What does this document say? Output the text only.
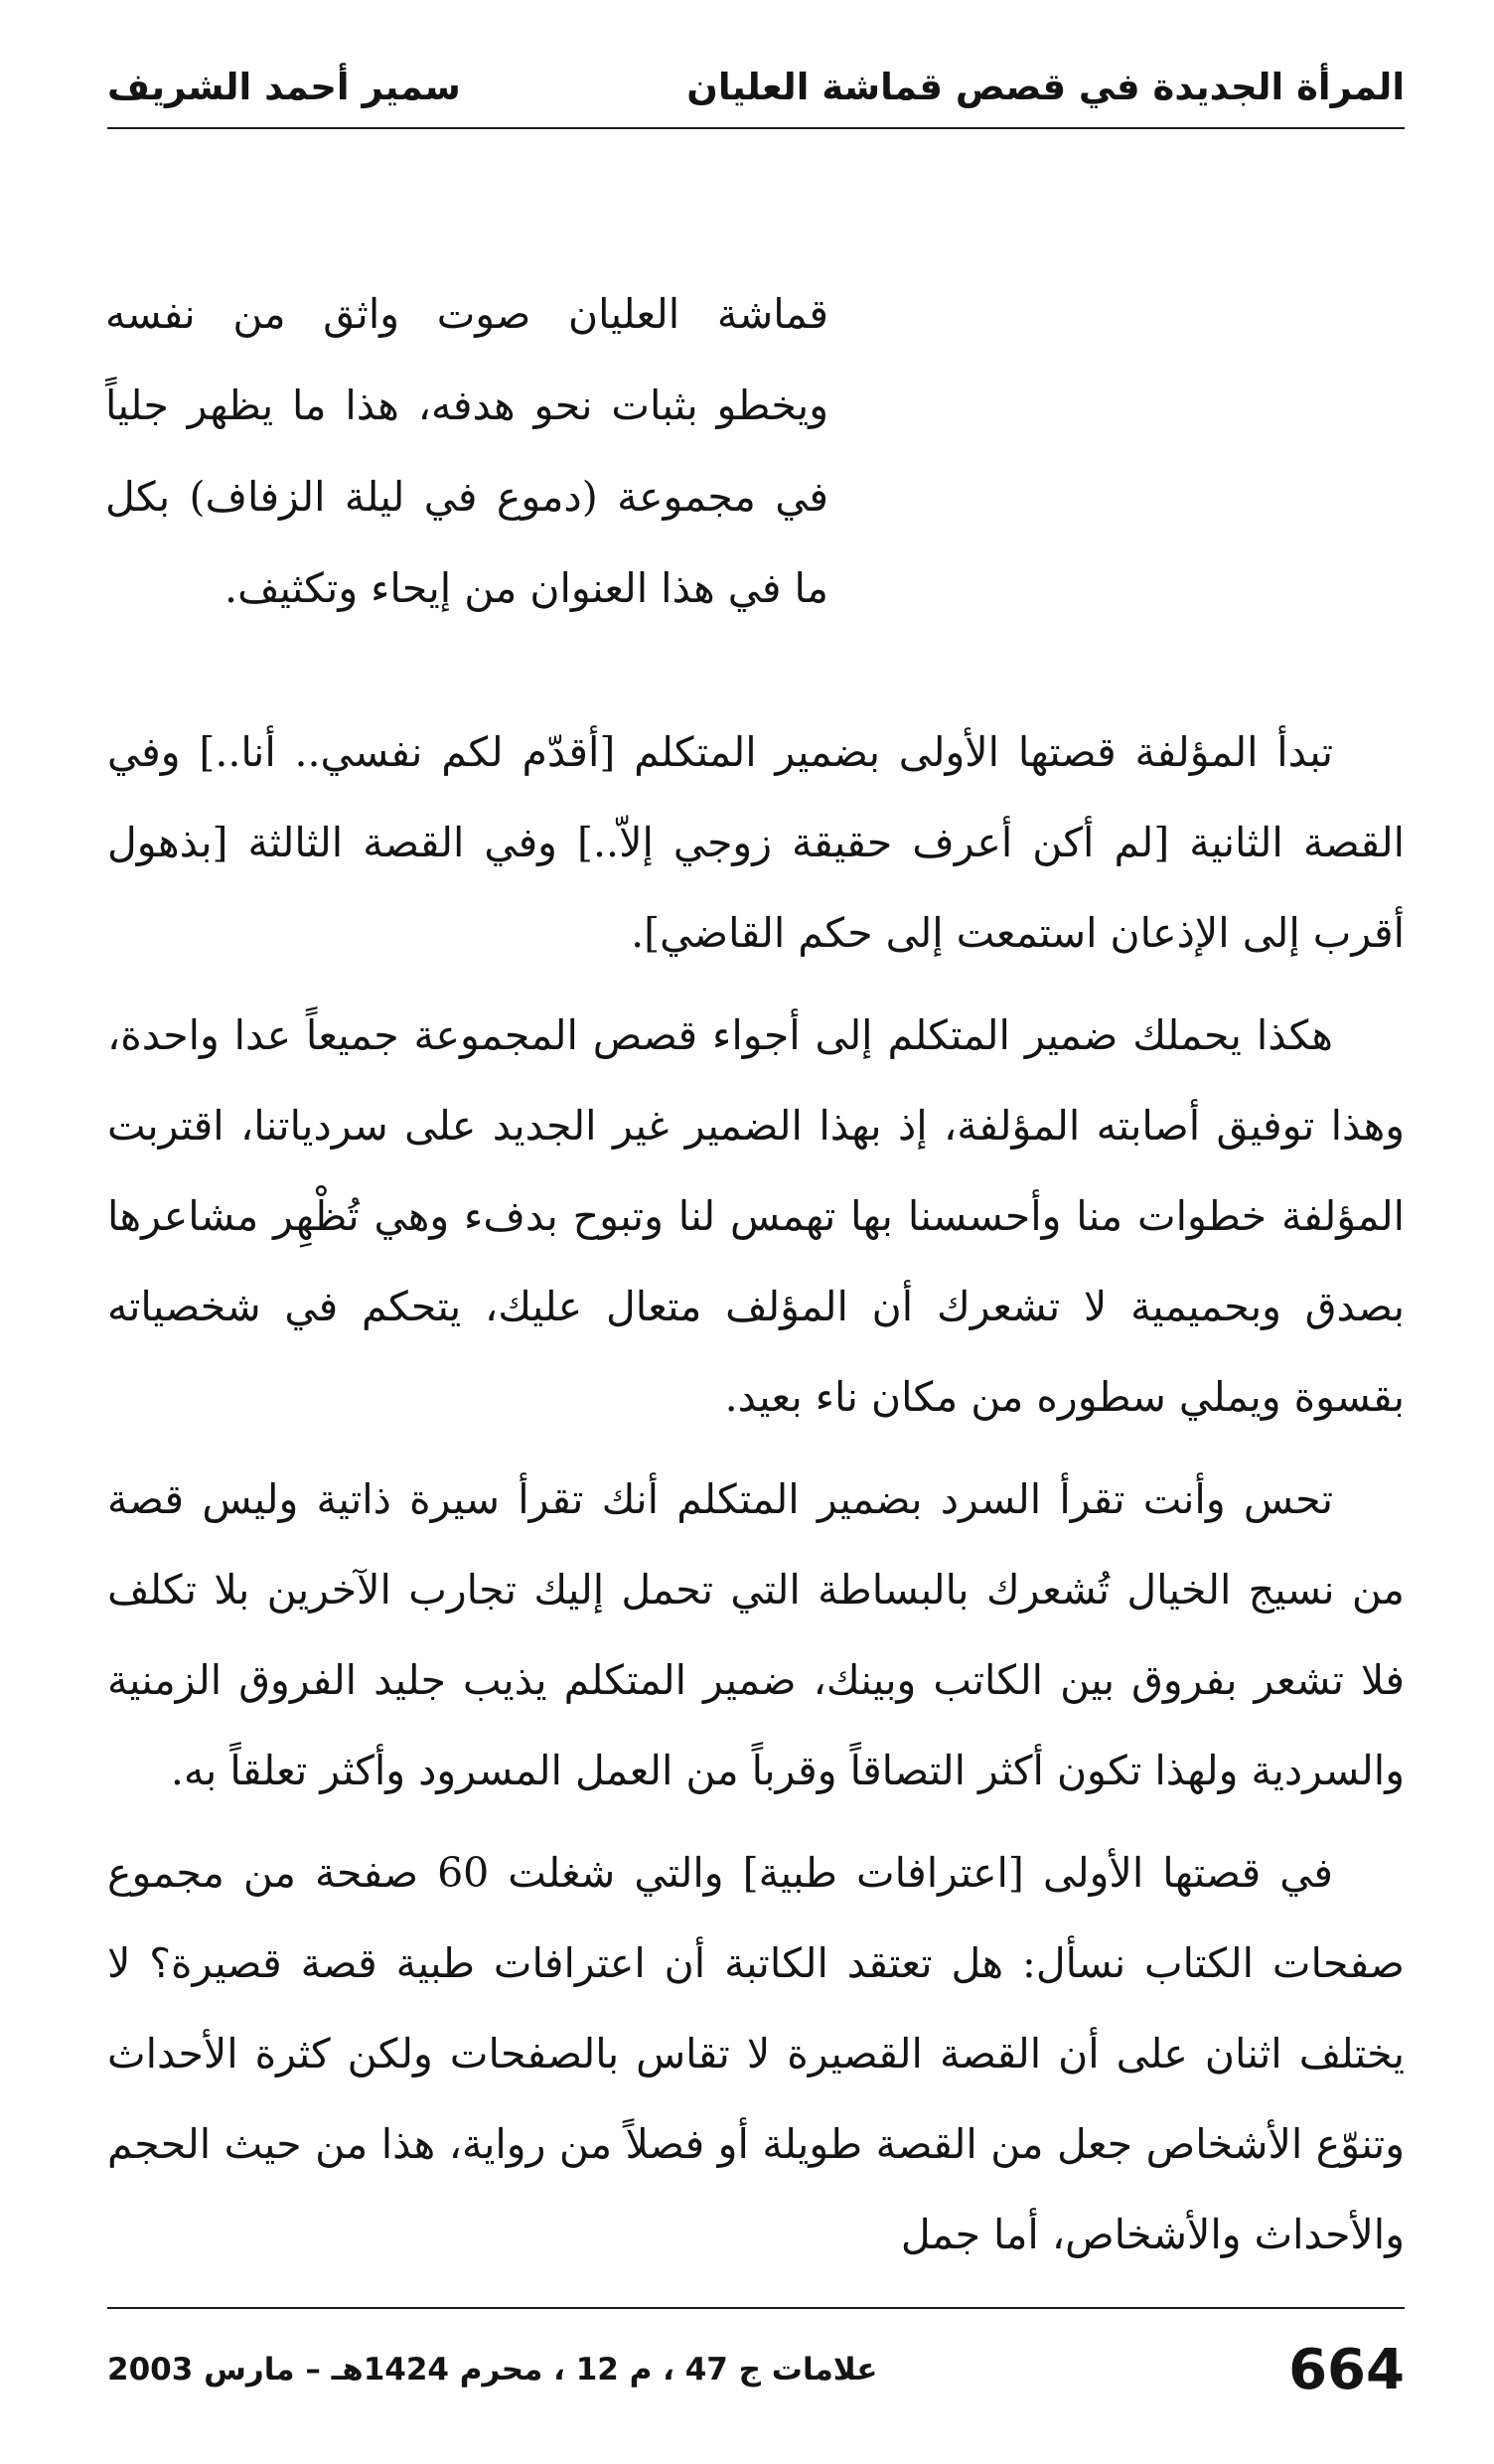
المرأة الجديدة في قصص قماشة العليان
سمير أحمد الشريف
قماشة العليان صوت واثق من نفسه ويخطو بثبات نحو هدفه، هذا ما يظهر جلياً في مجموعة (دموع في ليلة الزفاف) بكل ما في هذا العنوان من إيحاء وتكثيف.

تبدأ المؤلفة قصتها الأولى بضمير المتكلم [أقدّم لكم نفسي.. أنا..] وفي القصة الثانية [لم أكن أعرف حقيقة زوجي إلاّ..] وفي القصة الثالثة [بذهول أقرب إلى الإذعان استمعت إلى حكم القاضي].

هكذا يحملك ضمير المتكلم إلى أجواء قصص المجموعة جميعاً عدا واحدة، وهذا توفيق أصابته المؤلفة، إذ بهذا الضمير غير الجديد على سردياتنا، اقتربت المؤلفة خطوات منا وأحسسنا بها تهمس لنا وتبوح بدفء وهي تُظْهِر مشاعرها بصدق وبحميمية لا تشعرك أن المؤلف متعال عليك، يتحكم في شخصياته بقسوة ويملي سطوره من مكان ناء بعيد.

تحس وأنت تقرأ السرد بضمير المتكلم أنك تقرأ سيرة ذاتية وليس قصة من نسيج الخيال تُشعرك بالبساطة التي تحمل إليك تجارب الآخرين بلا تكلف فلا تشعر بفروق بين الكاتب وبينك، ضمير المتكلم يذيب جليد الفروق الزمنية والسردية ولهذا تكون أكثر التصاقاً وقرباً من العمل المسرود وأكثر تعلقاً به.

في قصتها الأولى [اعترافات طبية] والتي شغلت 60 صفحة من مجموع صفحات الكتاب نسأل: هل تعتقد الكاتبة أن اعترافات طبية قصة قصيرة؟ لا يختلف اثنان على أن القصة القصيرة لا تقاس بالصفحات ولكن كثرة الأحداث وتنوّع الأشخاص جعل من القصة طويلة أو فصلاً من رواية، هذا من حيث الحجم والأحداث والأشخاص، أما جمل

علامات ج 47 ، م 12 ، محرم 1424هـ – مارس 2003	664
